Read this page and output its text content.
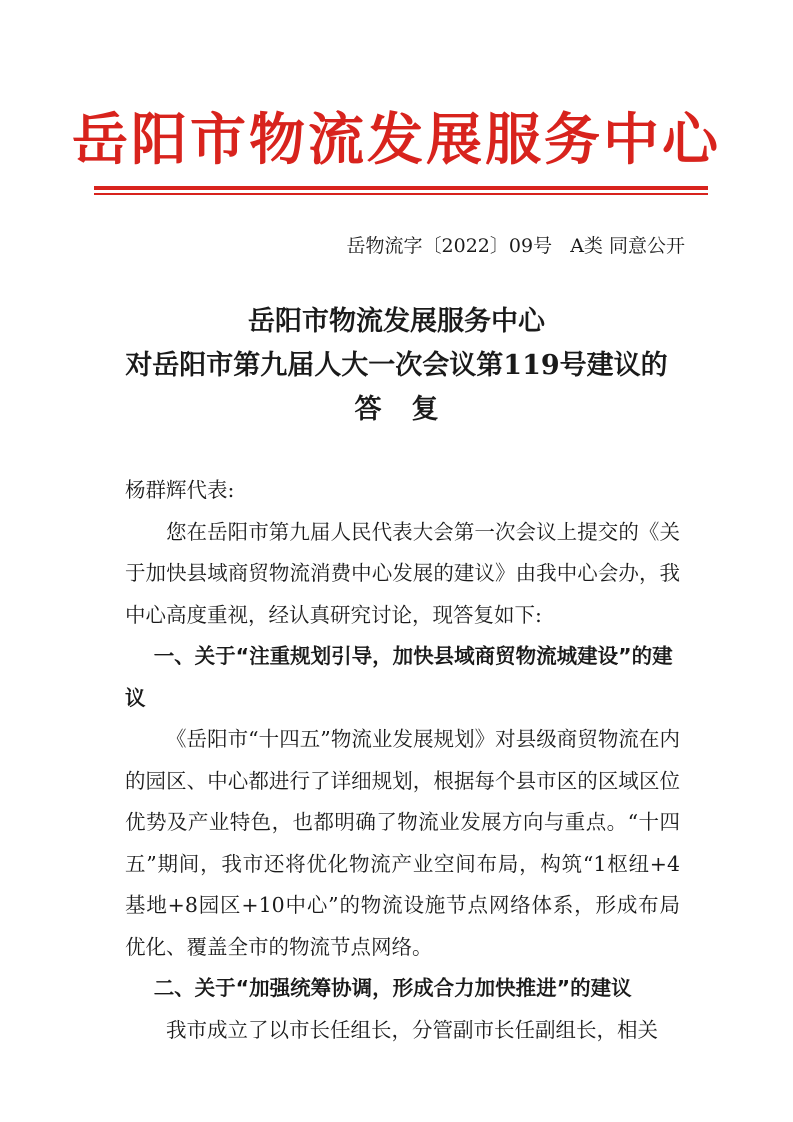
岳阳市物流发展服务中心
岳物流字〔2022〕09号 A类 同意公开
岳阳市物流发展服务中心
对岳阳市第九届人大一次会议第119号建议的
答复

杨群辉代表:

您在岳阳市第九届人民代表大会第一次会议上提交的《关于加快县域商贸物流消费中心发展的建议》由我中心会办，我中心高度重视，经认真研究讨论，现答复如下:

一、关于“注重规划引导，加快县域商贸物流城建设”的建议

《岳阳市“十四五”物流业发展规划》对县级商贸物流在内的园区、中心都进行了详细规划，根据每个县市区的区域区位优势及产业特色，也都明确了物流业发展方向与重点。“十四五”期间，我市还将优化物流产业空间布局，构筑“1枢纽+4基地+8园区+10中心”的物流设施节点网络体系，形成布局优化、覆盖全市的物流节点网络。

二、关于“加强统筹协调，形成合力加快推进”的建议

我市成立了以市长任组长，分管副市长任副组长，相关
